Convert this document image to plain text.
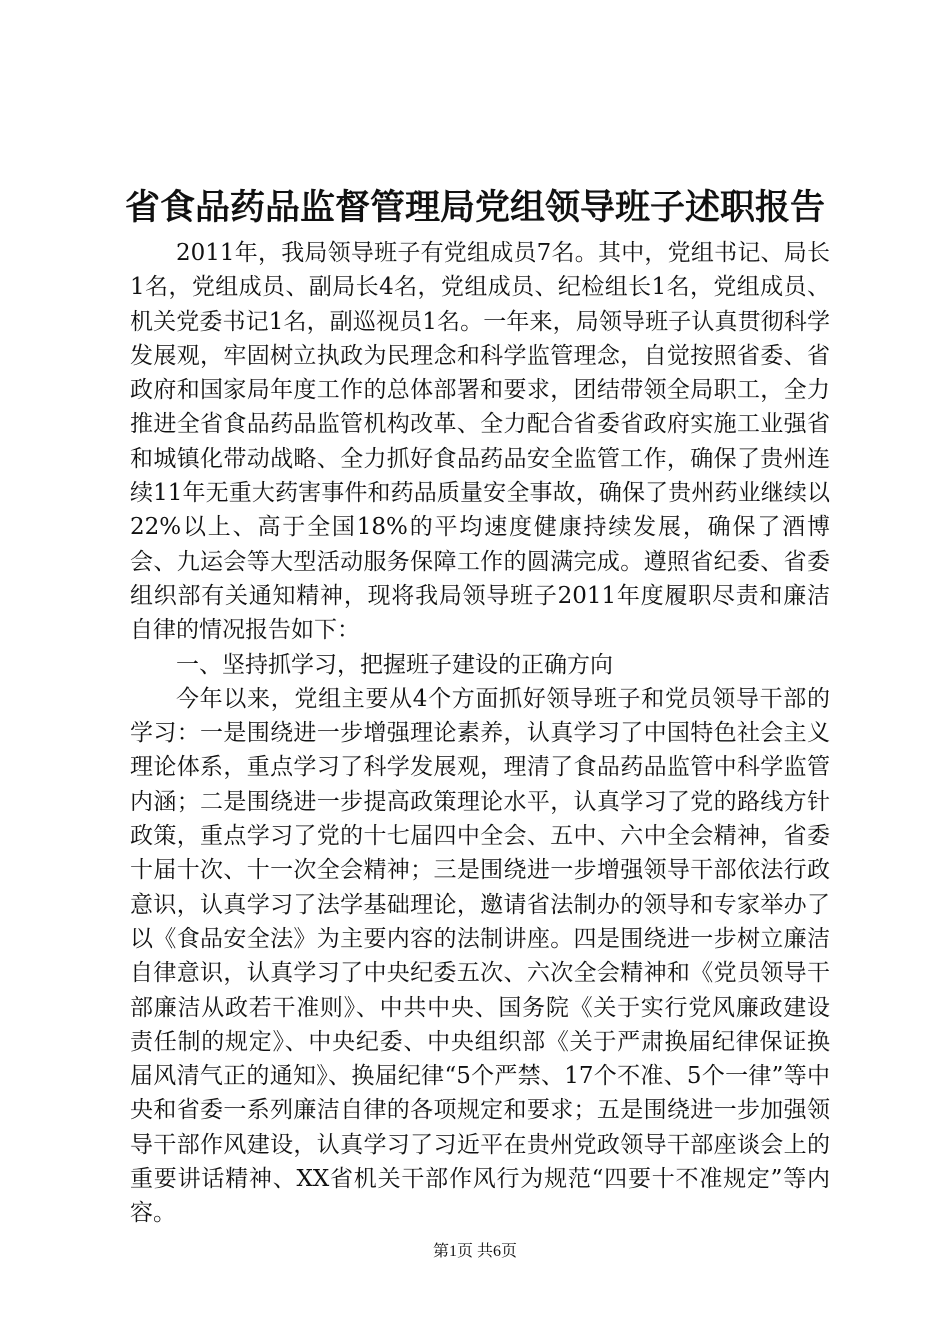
省食品药品监督管理局党组领导班子述职报告

2011年，我局领导班子有党组成员7名。其中，党组书记、局长1名，党组成员、副局长4名，党组成员、纪检组长1名，党组成员、机关党委书记1名，副巡视员1名。一年来，局领导班子认真贯彻科学发展观，牢固树立执政为民理念和科学监管理念，自觉按照省委、省政府和国家局年度工作的总体部署和要求，团结带领全局职工，全力推进全省食品药品监管机构改革、全力配合省委省政府实施工业强省和城镇化带动战略、全力抓好食品药品安全监管工作，确保了贵州连续11年无重大药害事件和药品质量安全事故，确保了贵州药业继续以22%以上、高于全国18%的平均速度健康持续发展，确保了酒博会、九运会等大型活动服务保障工作的圆满完成。遵照省纪委、省委组织部有关通知精神，现将我局领导班子2011年度履职尽责和廉洁自律的情况报告如下：

一、坚持抓学习，把握班子建设的正确方向

今年以来，党组主要从4个方面抓好领导班子和党员领导干部的学习：一是围绕进一步增强理论素养，认真学习了中国特色社会主义理论体系，重点学习了科学发展观，理清了食品药品监管中科学监管内涵；二是围绕进一步提高政策理论水平，认真学习了党的路线方针政策，重点学习了党的十七届四中全会、五中、六中全会精神，省委十届十次、十一次全会精神；三是围绕进一步增强领导干部依法行政意识，认真学习了法学基础理论，邀请省法制办的领导和专家举办了以《食品安全法》为主要内容的法制讲座。四是围绕进一步树立廉洁自律意识，认真学习了中央纪委五次、六次全会精神和《党员领导干部廉洁从政若干准则》、中共中央、国务院《关于实行党风廉政建设责任制的规定》、中央纪委、中央组织部《关于严肃换届纪律保证换届风清气正的通知》、换届纪律“5个严禁、17个不准、5个一律”等中央和省委一系列廉洁自律的各项规定和要求；五是围绕进一步加强领导干部作风建设，认真学习了习近平在贵州党政领导干部座谈会上的重要讲话精神、XX省机关干部作风行为规范“四要十不准规定”等内容。

第1页 共6页
